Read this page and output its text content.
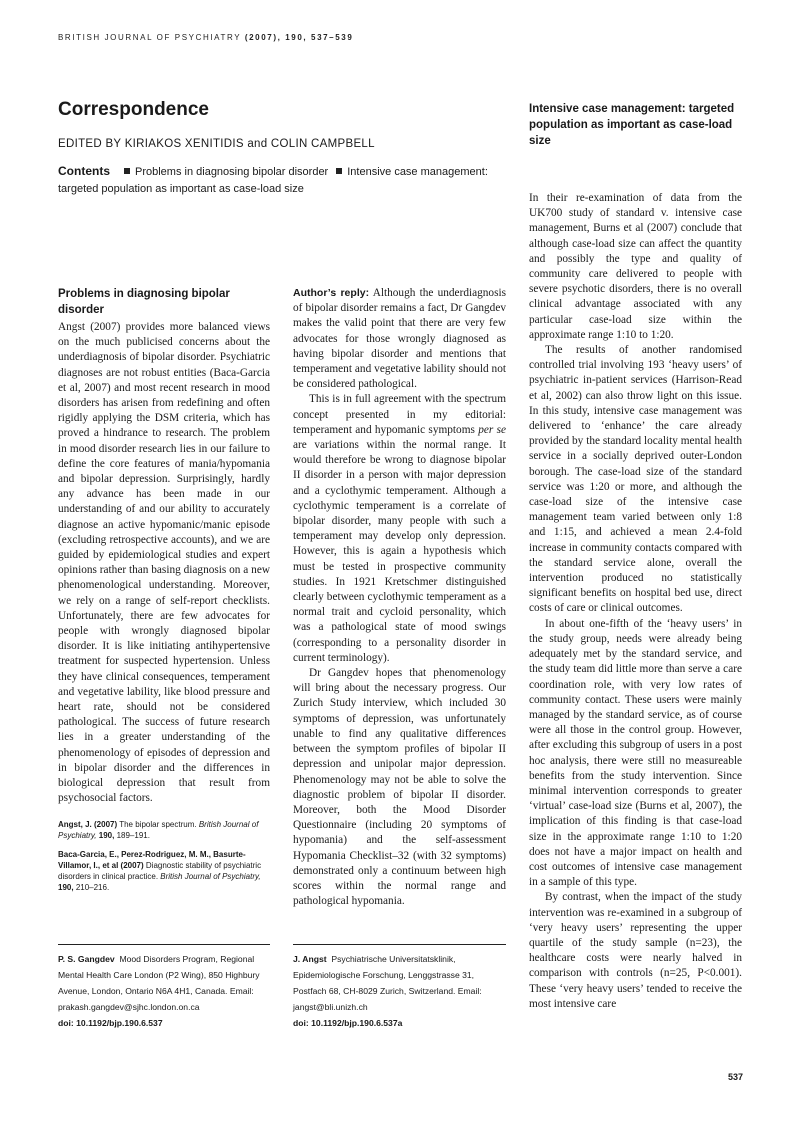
BRITISH JOURNAL OF PSYCHIATRY (2007), 190, 537–539
Correspondence
EDITED BY KIRIAKOS XENITIDIS and COLIN CAMPBELL
Contents Problems in diagnosing bipolar disorder Intensive case management: targeted population as important as case-load size
Problems in diagnosing bipolar disorder

Angst (2007) provides more balanced views on the much publicised concerns about the underdiagnosis of bipolar disorder. Psychiatric diagnoses are not robust entities (Baca-Garcia et al, 2007) and most recent research in mood disorders has arisen from redefining and often rigidly applying the DSM criteria, which has proved a hindrance to research. The problem in mood disorder research lies in our failure to define the core features of mania/hypomania and bipolar depression. Surprisingly, hardly any advance has been made in our understanding of and our ability to accurately diagnose an active hypomanic/manic episode (excluding retrospective accounts), and we are guided by epidemiological studies and expert opinions rather than basing diagnosis on a new phenomenological understanding. Moreover, we rely on a range of self-report checklists. Unfortunately, there are few advocates for people with wrongly diagnosed bipolar disorder. It is like initiating antihypertensive treatment for suspected hypertension. Unless they have clinical consequences, temperament and vegetative lability, like blood pressure and heart rate, should not be considered pathological. The success of future research lies in a greater understanding of the phenomenology of episodes of depression and in bipolar disorder and the differences in biological depression that result from psychosocial factors.

Angst, J. (2007) The bipolar spectrum. British Journal of Psychiatry, 190, 189–191.

Baca-Garcia, E., Perez-Rodriguez, M. M., Basurte-Villamor, I., et al (2007) Diagnostic stability of psychiatric disorders in clinical practice. British Journal of Psychiatry, 190, 210–216.

Author’s reply: Although the underdiagnosis of bipolar disorder remains a fact, Dr Gangdev makes the valid point that there are very few advocates for those wrongly diagnosed as having bipolar disorder and mentions that temperament and vegetative lability should not be considered pathological.

This is in full agreement with the spectrum concept presented in my editorial: temperament and hypomanic symptoms per se are variations within the normal range. It would therefore be wrong to diagnose bipolar II disorder in a person with major depression and a cyclothymic temperament. Although a cyclothymic temperament is a correlate of bipolar disorder, many people with such a temperament may develop only depression. However, this is again a hypothesis which must be tested in prospective community studies. In 1921 Kretschmer distinguished clearly between cyclothymic temperament as a normal trait and cycloid personality, which was a pathological state of mood swings (corresponding to a personality disorder in current terminology).

Dr Gangdev hopes that phenomenology will bring about the necessary progress. Our Zurich Study interview, which included 30 symptoms of depression, was unfortunately unable to find any qualitative differences between the symptom profiles of bipolar II depression and unipolar major depression. Phenomenology may not be able to solve the diagnostic problem of bipolar II disorder. Moreover, both the Mood Disorder Questionnaire (including 20 symptoms of hypomania) and the self-assessment Hypomania Checklist–32 (with 32 symptoms) demonstrated only a continuum between high scores within the normal range and pathological hypomania.

Intensive case management: targeted population as important as case-load size

In their re-examination of data from the UK700 study of standard v. intensive case management, Burns et al (2007) conclude that although case-load size can affect the quantity and possibly the type and quality of community care delivered to people with severe psychotic disorders, there is no overall clinical advantage associated with any particular case-load size within the approximate range 1:10 to 1:20.

The results of another randomised controlled trial involving 193 ‘heavy users’ of psychiatric in-patient services (Harrison-Read et al, 2002) can also throw light on this issue. In this study, intensive case management was delivered to ‘enhance’ the care already provided by the standard locality mental health service in a socially deprived outer-London borough. The case-load size of the standard service was 1:20 or more, and although the case-load size of the intensive case management team varied between only 1:8 and 1:15, and achieved a mean 2.4-fold increase in community contacts compared with the standard service alone, overall the intervention produced no statistically significant benefits on hospital bed use, direct costs of care or clinical outcomes.

In about one-fifth of the ‘heavy users’ in the study group, needs were already being adequately met by the standard service, and the study team did little more than serve a care coordination role, with very low rates of community contact. These users were mainly managed by the standard service, as of course were all those in the control group. However, after excluding this subgroup of users in a post hoc analysis, there were still no measureable benefits from the study intervention. Since minimal intervention corresponds to greater ‘virtual’ case-load size (Burns et al, 2007), the implication of this finding is that case-load size in the approximate range 1:10 to 1:20 does not have a major impact on health and cost outcomes of intensive case management in a sample of this type.

By contrast, when the impact of the study intervention was re-examined in a subgroup of ‘very heavy users’ representing the upper quartile of the study sample (n=23), the healthcare costs were nearly halved in comparison with controls (n=25, P<0.001). These ‘very heavy users’ tended to receive the most intensive care

P. S. Gangdev Mood Disorders Program, Regional Mental Health Care London (P2 Wing), 850 Highbury Avenue, London, Ontario N6A 4H1, Canada. Email: prakash.gangdev@sjhc.london.on.ca
doi: 10.1192/bjp.190.6.537
J. Angst Psychiatrische Universitatsklinik, Epidemiologische Forschung, Lenggstrasse 31, Postfach 68, CH-8029 Zurich, Switzerland. Email: jangst@bli.unizh.ch
doi: 10.1192/bjp.190.6.537a
537
